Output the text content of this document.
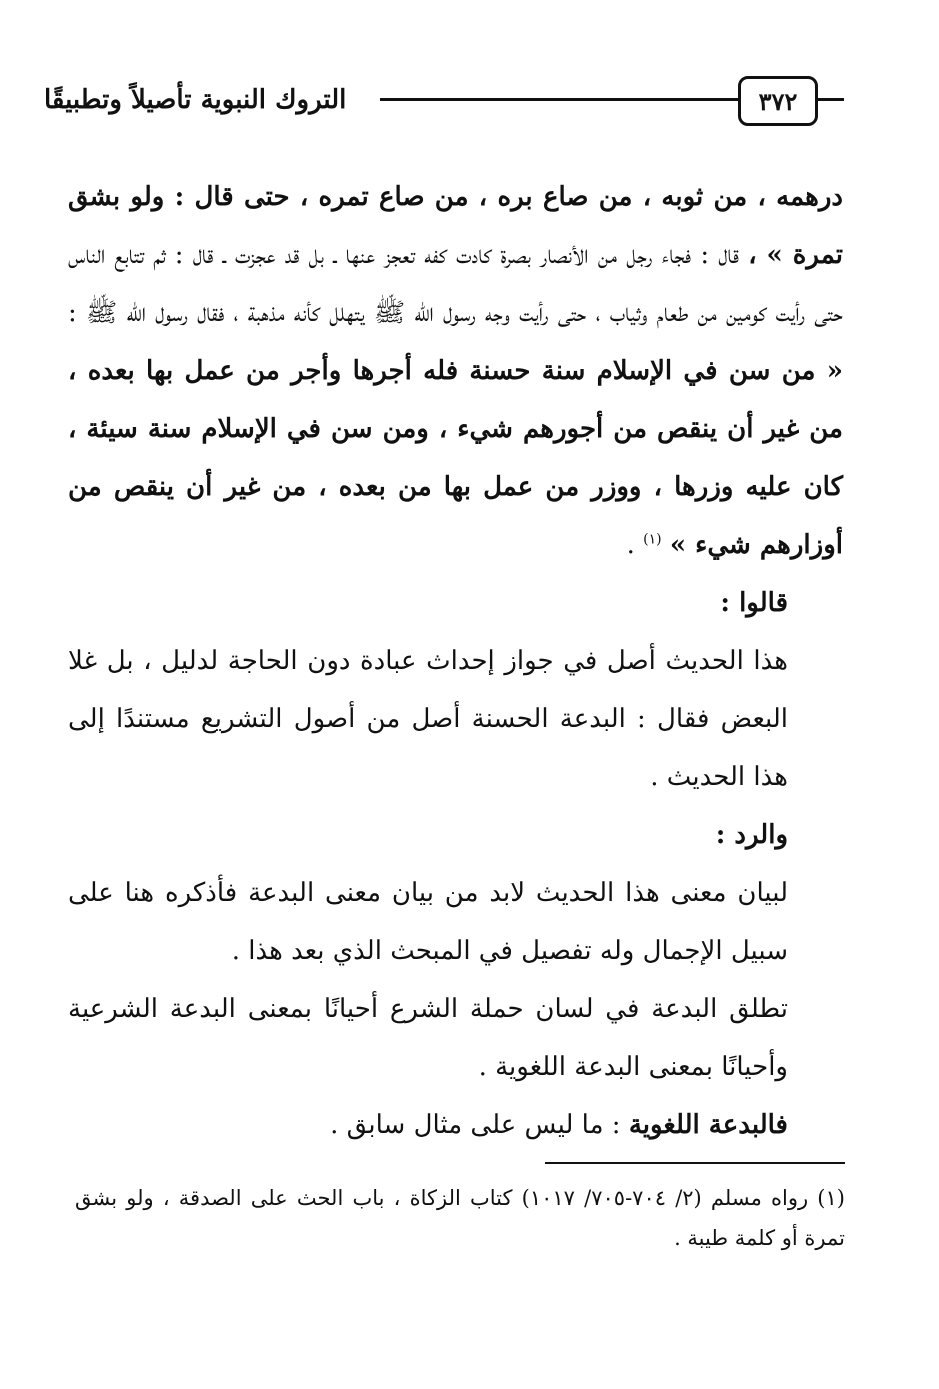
٣٧٢
التروك النبوية تأصيلاً وتطبيقًا

درهمه ، من ثوبه ، من صاع بره ، من صاع تمره ، حتى قال : ولو بشق تمرة » ، قال : فجاء رجل من الأنصار بصرة كادت كفه تعجز عنها ـ بل قد عجزت ـ قال : ثم تتابع الناس حتى رأيت كومين من طعام وثياب ، حتى رأيت وجه رسول الله ﷺ يتهلل كأنه مذهبة ، فقال رسول الله ﷺ : « من سن في الإسلام سنة حسنة فله أجرها وأجر من عمل بها بعده ، من غير أن ينقص من أجورهم شيء ، ومن سن في الإسلام سنة سيئة ، كان عليه وزرها ، ووزر من عمل بها من بعده ، من غير أن ينقص من أوزارهم شيء » $^{(١)}$ .

قالوا :

هذا الحديث أصل في جواز إحداث عبادة دون الحاجة لدليل ، بل غلا البعض فقال : البدعة الحسنة أصل من أصول التشريع مستندًا إلى هذا الحديث .

والرد :

لبيان معنى هذا الحديث لابد من بيان معنى البدعة فأذكره هنا على سبيل الإجمال وله تفصيل في المبحث الذي بعد هذا .

تطلق البدعة في لسان حملة الشرع أحيانًا بمعنى البدعة الشرعية وأحيانًا بمعنى البدعة اللغوية .

فالبدعة اللغوية : ما ليس على مثال سابق .

(١) رواه مسلم (٢/ ٧٠٤-٧٠٥/ ١٠١٧) كتاب الزكاة ، باب الحث على الصدقة ، ولو بشق تمرة أو كلمة طيبة .
